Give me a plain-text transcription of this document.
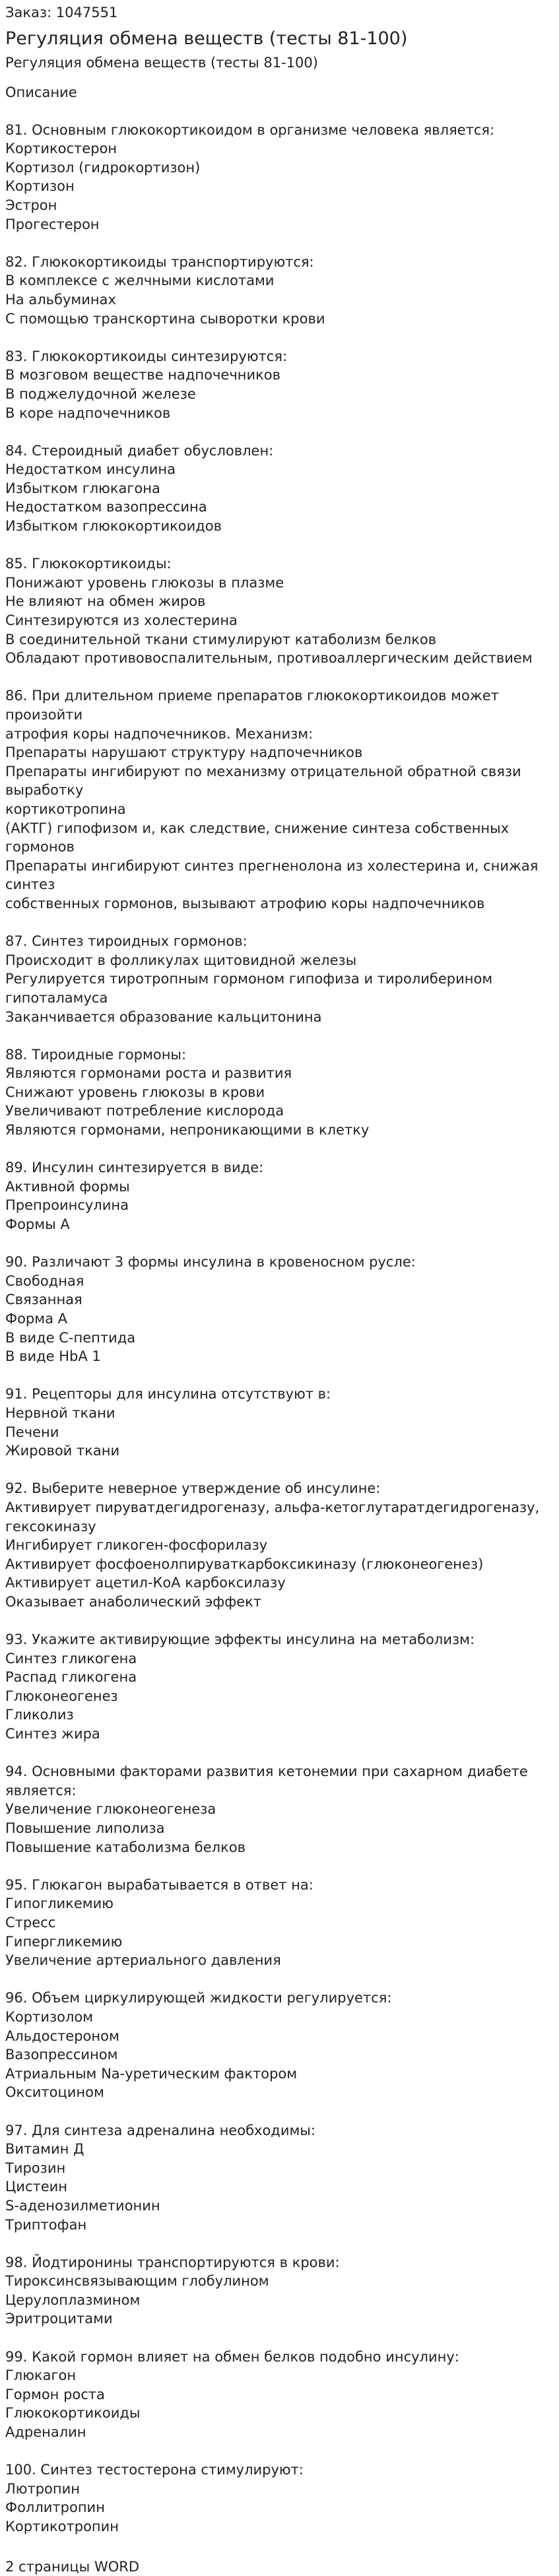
Заказ: 1047551
Регуляция обмена веществ (тесты 81-100)
Регуляция обмена веществ (тесты 81-100)
Описание
81. Основным глюкокортикоидом в организме человека является:
Кортикостерон
Кортизол (гидрокортизон)
Кортизон
Эстрон
Прогестерон
82. Глюкокортикоиды транспортируются:
В комплексе с желчными кислотами
На альбуминах
С помощью транскортина сыворотки крови
83. Глюкокортикоиды синтезируются:
В мозговом веществе надпочечников
В поджелудочной железе
В коре надпочечников
84. Стероидный диабет обусловлен:
Недостатком инсулина
Избытком глюкагона
Недостатком вазопрессина
Избытком глюкокортикоидов
85. Глюкокортикоиды:
Понижают уровень глюкозы в плазме
Не влияют на обмен жиров
Синтезируются из холестерина
В соединительной ткани стимулируют катаболизм белков
Обладают противовоспалительным, противоаллергическим действием
86. При длительном приеме препаратов глюкокортикоидов может произойти
атрофия коры надпочечников. Механизм:
Препараты нарушают структуру надпочечников
Препараты ингибируют по механизму отрицательной обратной связи выработку
кортикотропина
(АКТГ) гипофизом и, как следствие, снижение синтеза собственных гормонов
Препараты ингибируют синтез прегненолона из холестерина и, снижая синтез
собственных гормонов, вызывают атрофию коры надпочечников
87. Синтез тироидных гормонов:
Происходит в фолликулах щитовидной железы
Регулируется тиротропным гормоном гипофиза и тиролиберином гипоталамуса
Заканчивается образование кальцитонина
88. Тироидные гормоны:
Являются гормонами роста и развития
Снижают уровень глюкозы в крови
Увеличивают потребление кислорода
Являются гормонами, непроникающими в клетку
89. Инсулин синтезируется в виде:
Активной формы
Препроинсулина
Формы А
90. Различают 3 формы инсулина в кровеносном русле:
Свободная
Связанная
Форма А
В виде С-пептида
В виде HbA 1
91. Рецепторы для инсулина отсутствуют в:
Нервной ткани
Печени
Жировой ткани
92. Выберите неверное утверждение об инсулине:
Активирует пируватдегидрогеназу, альфа-кетоглутаратдегидрогеназу,
гексокиназу
Ингибирует гликоген-фосфорилазу
Активирует фосфоенолпируваткарбоксикиназу (глюконеогенез)
Активирует ацетил-КоА карбоксилазу
Оказывает анаболический эффект
93. Укажите активирующие эффекты инсулина на метаболизм:
Синтез гликогена
Распад гликогена
Глюконеогенез
Гликолиз
Синтез жира
94. Основными факторами развития кетонемии при сахарном диабете является:
Увеличение глюконеогенеза
Повышение липолиза
Повышение катаболизма белков
95. Глюкагон вырабатывается в ответ на:
Гипогликемию
Стресс
Гипергликемию
Увеличение артериального давления
96. Объем циркулирующей жидкости регулируется:
Кортизолом
Альдостероном
Вазопрессином
Атриальным Na-уретическим фактором
Окситоцином
97. Для синтеза адреналина необходимы:
Витамин Д
Тирозин
Цистеин
S-аденозилметионин
Триптофан
98. Йодтиронины транспортируются в крови:
Тироксинсвязывающим глобулином
Церулоплазмином
Эритроцитами
99. Какой гормон влияет на обмен белков подобно инсулину:
Глюкагон
Гормон роста
Глюкокортикоиды
Адреналин
100. Синтез тестостерона стимулируют:
Лютропин
Фоллитропин
Кортикотропин
2 страницы WORD
